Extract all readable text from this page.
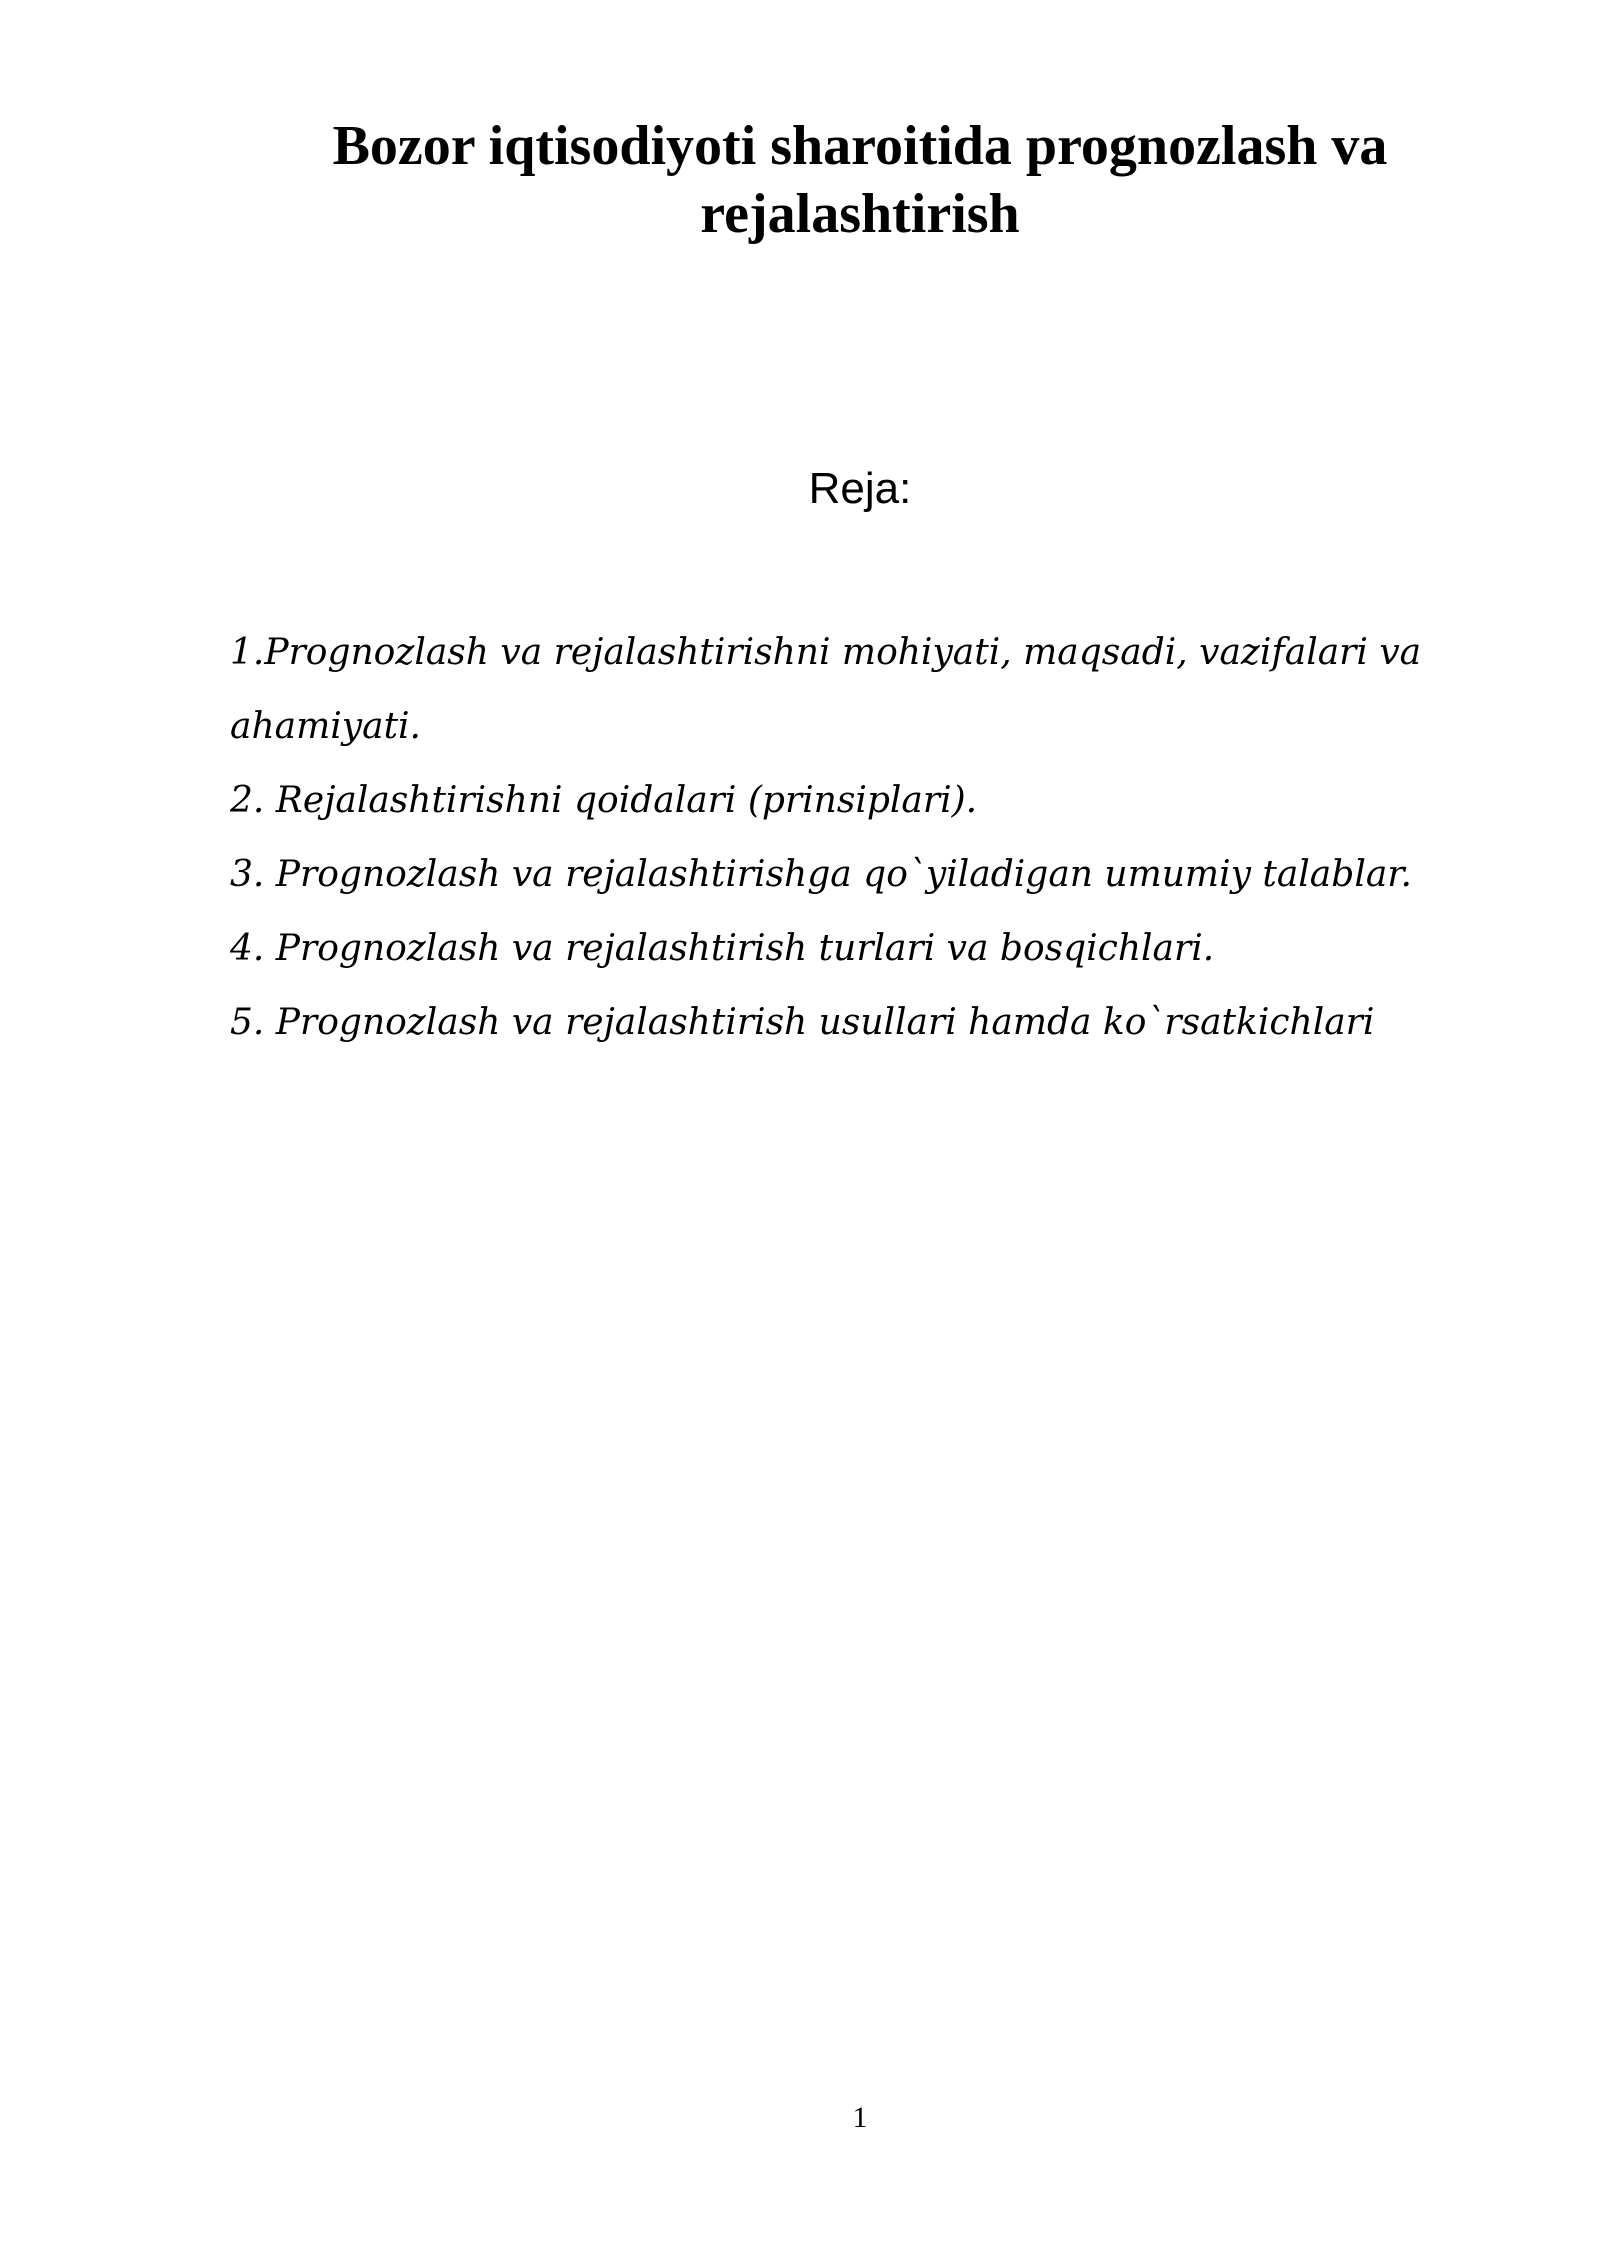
Bozor iqtisodiyoti sharoitida prognozlash va rejalashtirish
Reja:
1.Prognozlash va rejalashtirishni mohiyati, maqsadi, vazifalari va
ahamiyati.
2. Rejalashtirishni qoidalari (prinsiplari).
3. Prognozlash va rejalashtirishga qo`yiladigan umumiy talablar.
4. Prognozlash va rejalashtirish turlari va bosqichlari.
5. Prognozlash va rejalashtirish usullari hamda ko`rsatkichlari
1
